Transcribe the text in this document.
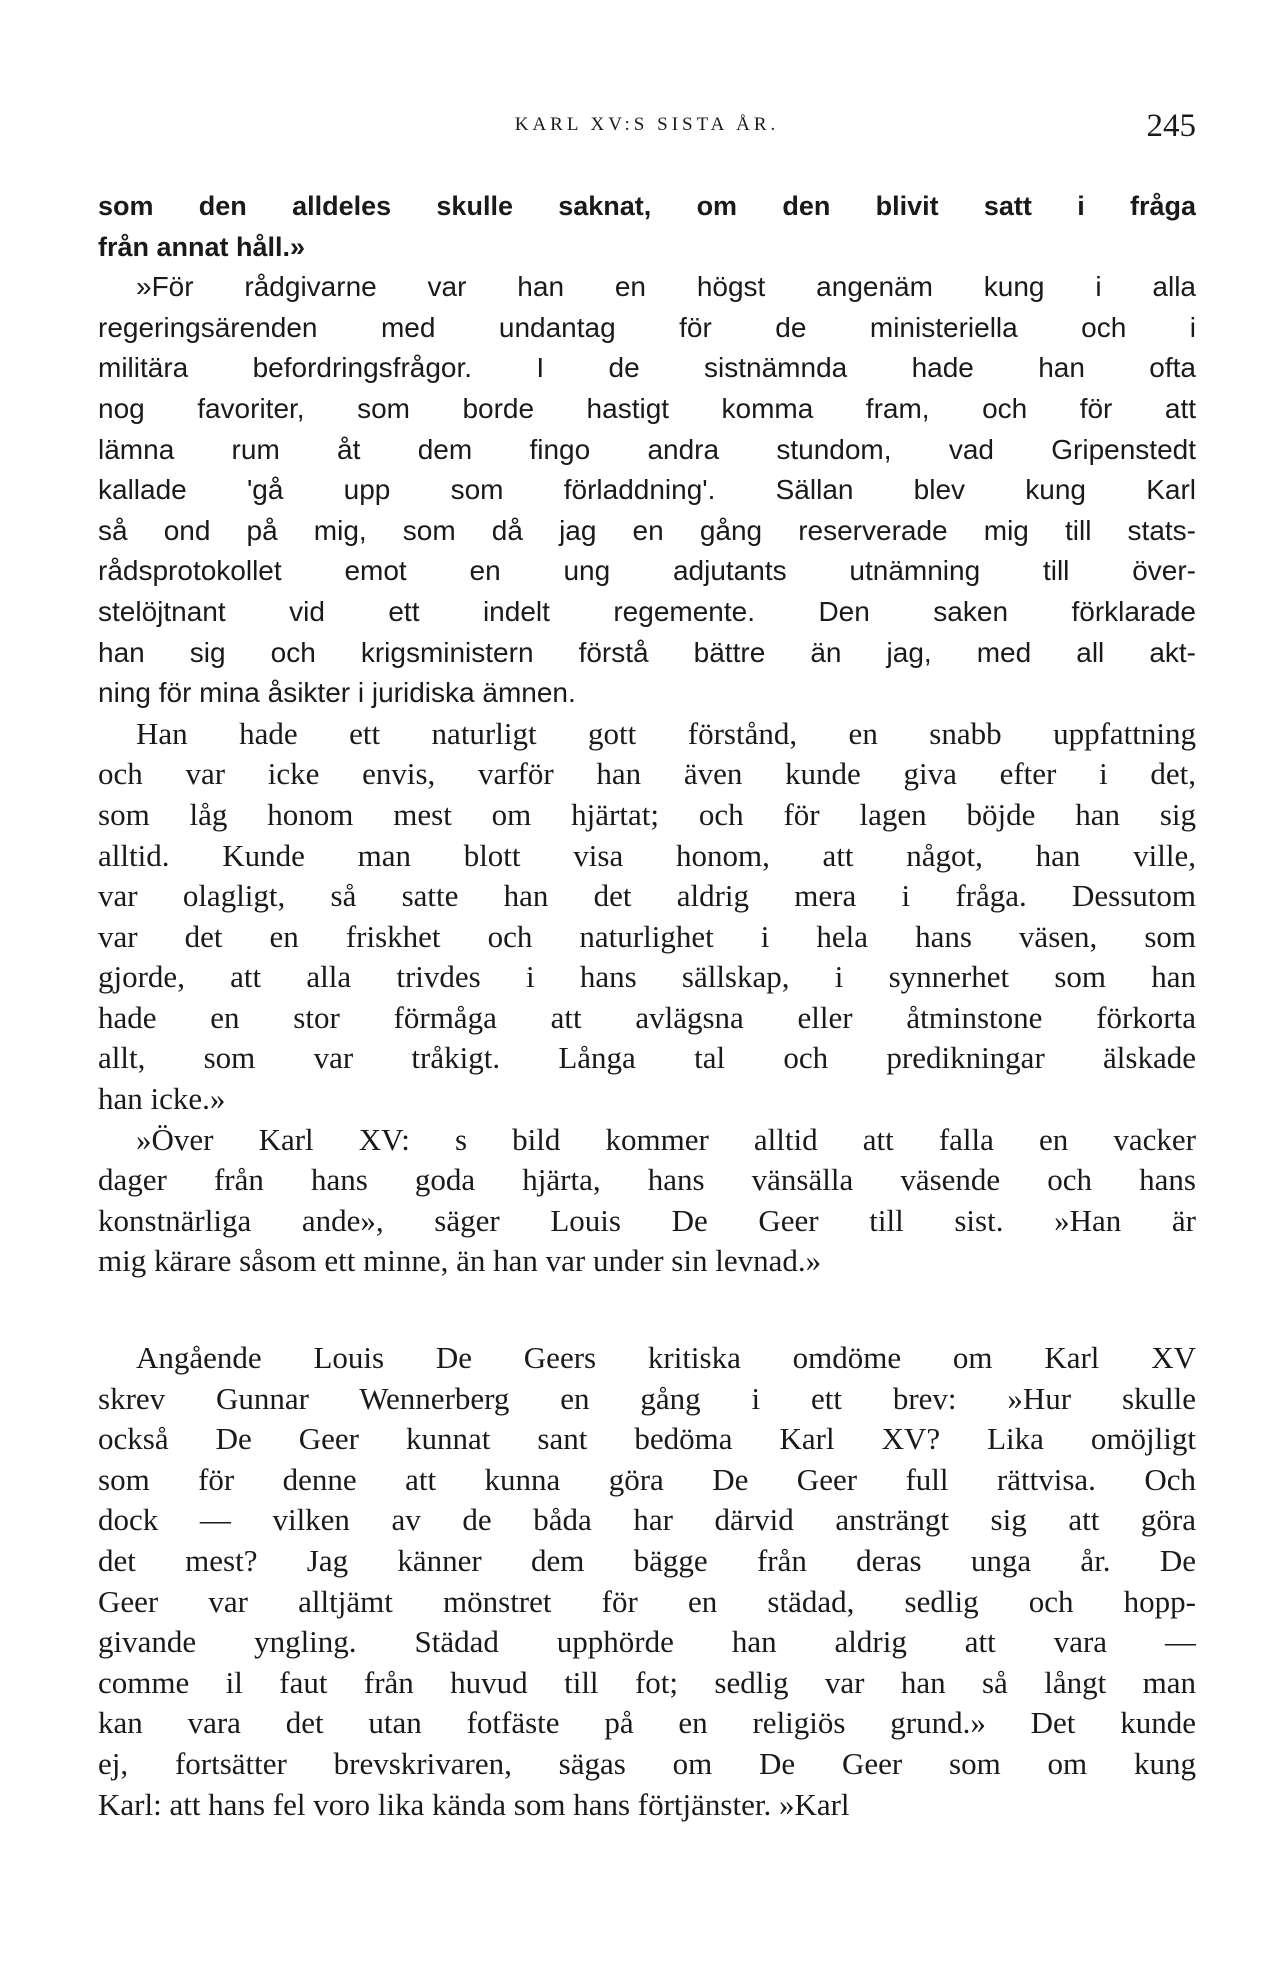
KARL XV:S SISTA ÅR.	245
som den alldeles skulle saknat, om den blivit satt i fråga
från annat håll.»
»För rådgivarne var han en högst angenäm kung i alla
regeringsärenden med undantag för de ministeriella och i
militära befordringsfrågor. I de sistnämnda hade han ofta
nog favoriter, som borde hastigt komma fram, och för att
lämna rum åt dem fingo andra stundom, vad Gripenstedt
kallade 'gå upp som förladdning'. Sällan blev kung Karl
så ond på mig, som då jag en gång reserverade mig till stats-
rådsprotokollet emot en ung adjutants utnämning till över-
stelöjtnant vid ett indelt regemente. Den saken förklarade
han sig och krigsministern förstå bättre än jag, med all akt-
ning för mina åsikter i juridiska ämnen.
Han hade ett naturligt gott förstånd, en snabb uppfattning
och var icke envis, varför han även kunde giva efter i det,
som låg honom mest om hjärtat; och för lagen böjde han sig
alltid. Kunde man blott visa honom, att något, han ville,
var olagligt, så satte han det aldrig mera i fråga. Dessutom
var det en friskhet och naturlighet i hela hans väsen, som
gjorde, att alla trivdes i hans sällskap, i synnerhet som han
hade en stor förmåga att avlägsna eller åtminstone förkorta
allt, som var tråkigt. Långa tal och predikningar älskade
han icke.»
»Över Karl XV: s bild kommer alltid att falla en vacker
dager från hans goda hjärta, hans vänsälla väsende och hans
konstnärliga ande», säger Louis De Geer till sist. »Han är
mig kärare såsom ett minne, än han var under sin levnad.»
Angående Louis De Geers kritiska omdöme om Karl XV
skrev Gunnar Wennerberg en gång i ett brev: »Hur skulle
också De Geer kunnat sant bedöma Karl XV? Lika omöjligt
som för denne att kunna göra De Geer full rättvisa. Och
dock — vilken av de båda har därvid ansträngt sig att göra
det mest? Jag känner dem bägge från deras unga år. De
Geer var alltjämt mönstret för en städad, sedlig och hopp-
givande yngling. Städad upphörde han aldrig att vara —
comme il faut från huvud till fot; sedlig var han så långt man
kan vara det utan fotfäste på en religiös grund.» Det kunde
ej, fortsätter brevskrivaren, sägas om De Geer som om kung
Karl: att hans fel voro lika kända som hans förtjänster. »Karl
